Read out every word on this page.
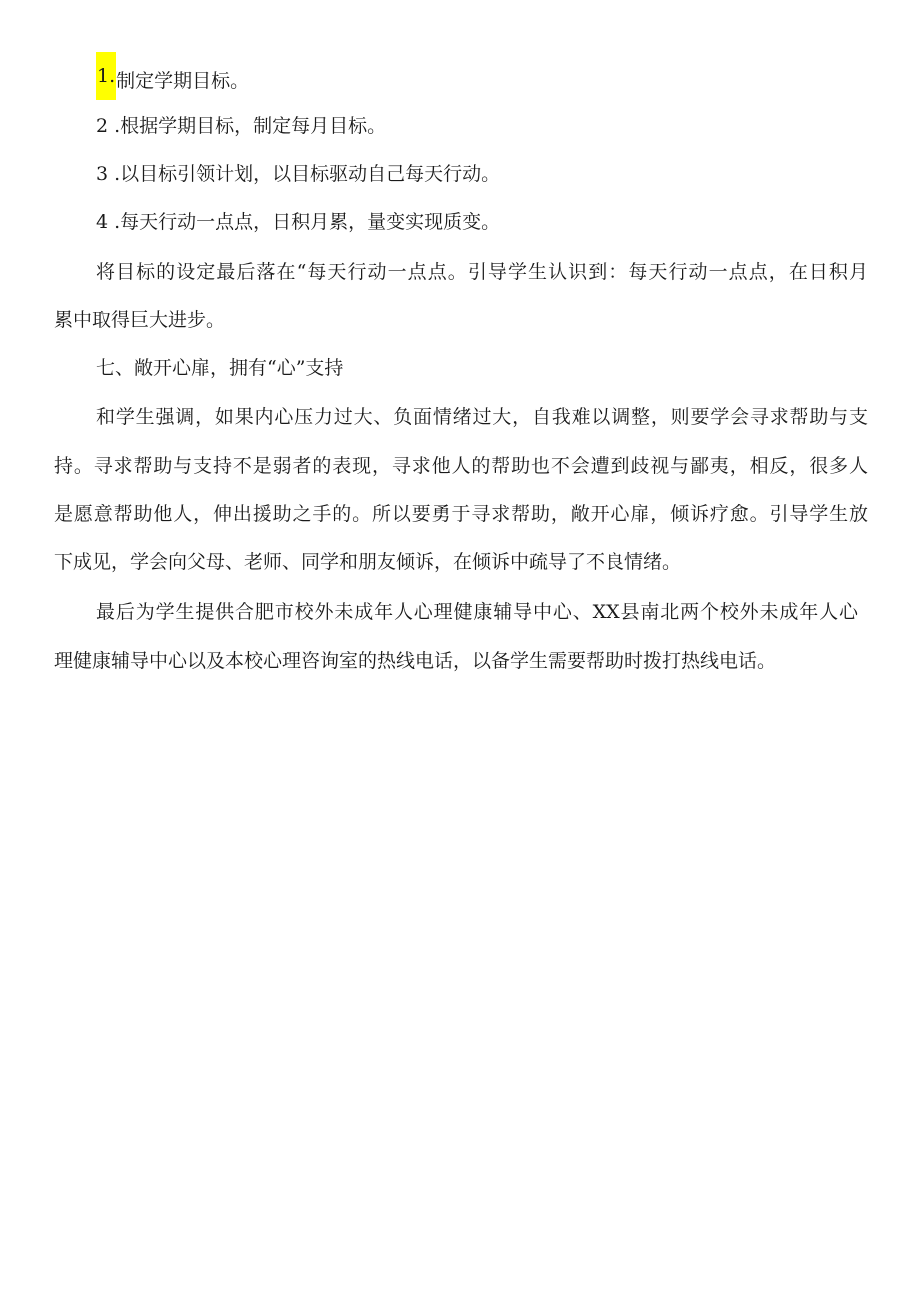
1.制定学期目标。
2 .根据学期目标，制定每月目标。
3 .以目标引领计划，以目标驱动自己每天行动。
4 .每天行动一点点，日积月累，量变实现质变。
将目标的设定最后落在“每天行动一点点。引导学生认识到：每天行动一点点，在日积月
累中取得巨大进步。
七、敞开心扉，拥有“心”支持
和学生强调，如果内心压力过大、负面情绪过大，自我难以调整，则要学会寻求帮助与支
持。寻求帮助与支持不是弱者的表现，寻求他人的帮助也不会遭到歧视与鄙夷，相反，很多人
是愿意帮助他人，伸出援助之手的。所以要勇于寻求帮助，敞开心扉，倾诉疗愈。引导学生放
下成见，学会向父母、老师、同学和朋友倾诉，在倾诉中疏导了不良情绪。
最后为学生提供合肥市校外未成年人心理健康辅导中心、XX县南北两个校外未成年人心
理健康辅导中心以及本校心理咨询室的热线电话，以备学生需要帮助时拨打热线电话。
